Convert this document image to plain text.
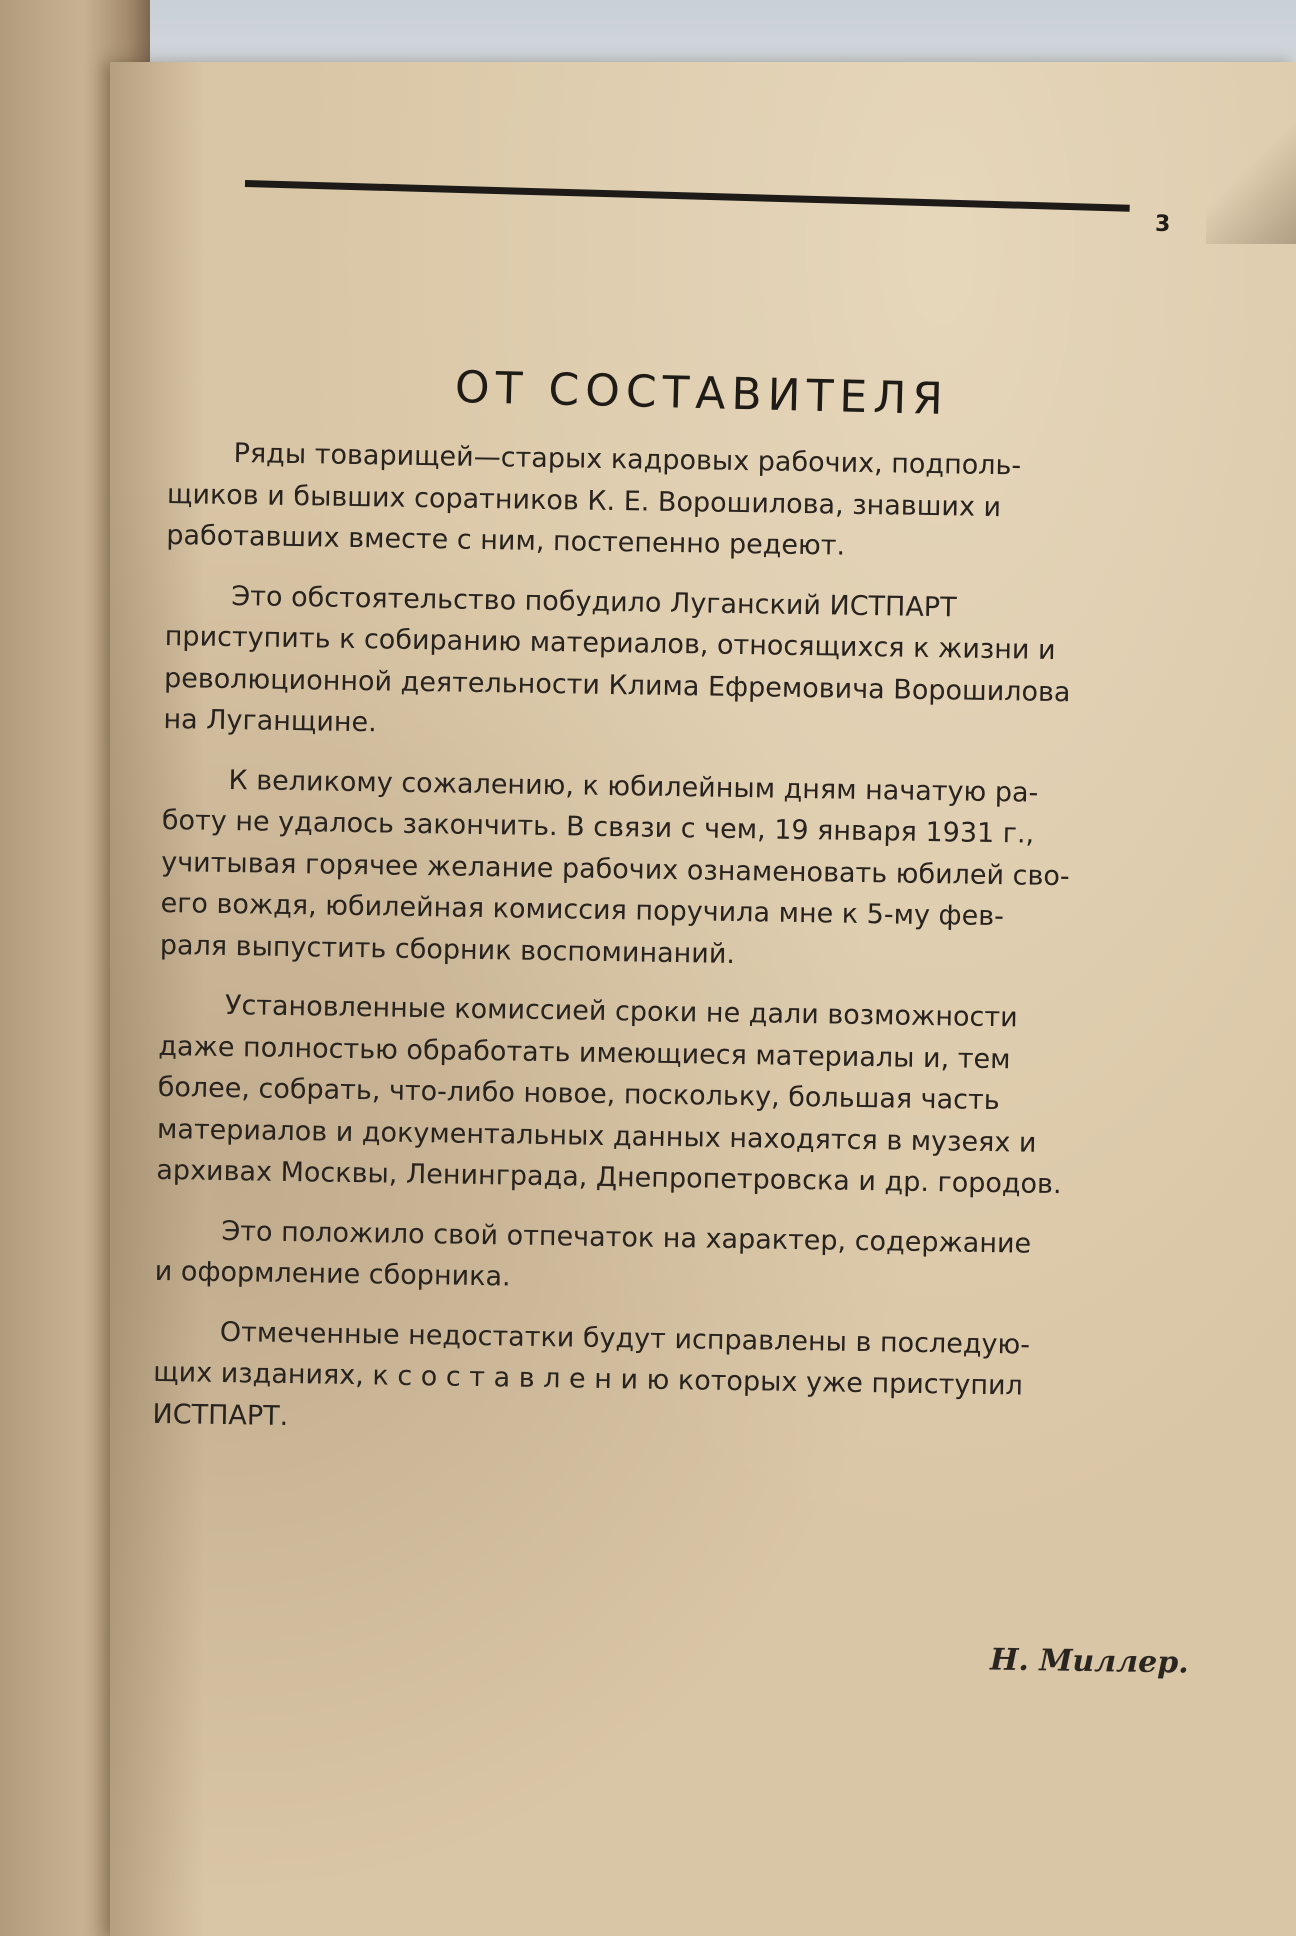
3
ОТ СОСТАВИТЕЛЯ
Ряды товарищей—старых кадровых рабочих, подполь-
щиков и бывших соратников К. Е. Ворошилова, знавших и
работавших вместе с ним, постепенно редеют.
Это обстоятельство побудило Луганский ИСТПАРТ
приступить к собиранию материалов, относящихся к жизни и
революционной деятельности Клима Ефремовича Ворошилова
на Луганщине.
К великому сожалению, к юбилейным дням начатую ра-
боту не удалось закончить. В связи с чем, 19 января 1931 г.,
учитывая горячее желание рабочих ознаменовать юбилей сво-
его вождя, юбилейная комиссия поручила мне к 5-му фев-
раля выпустить сборник воспоминаний.
Установленные комиссией сроки не дали возможности
даже полностью обработать имеющиеся материалы и, тем
более, собрать, что-либо новое, поскольку, большая часть
материалов и документальных данных находятся в музеях и
архивах Москвы, Ленинграда, Днепропетровска и др. городов.
Это положило свой отпечаток на характер, содержание
и оформление сборника.
Отмеченные недостатки будут исправлены в последую-
щих изданиях, к с о с т а в л е н и ю которых уже приступил
ИСТПАРТ.
Н. Миллер.
